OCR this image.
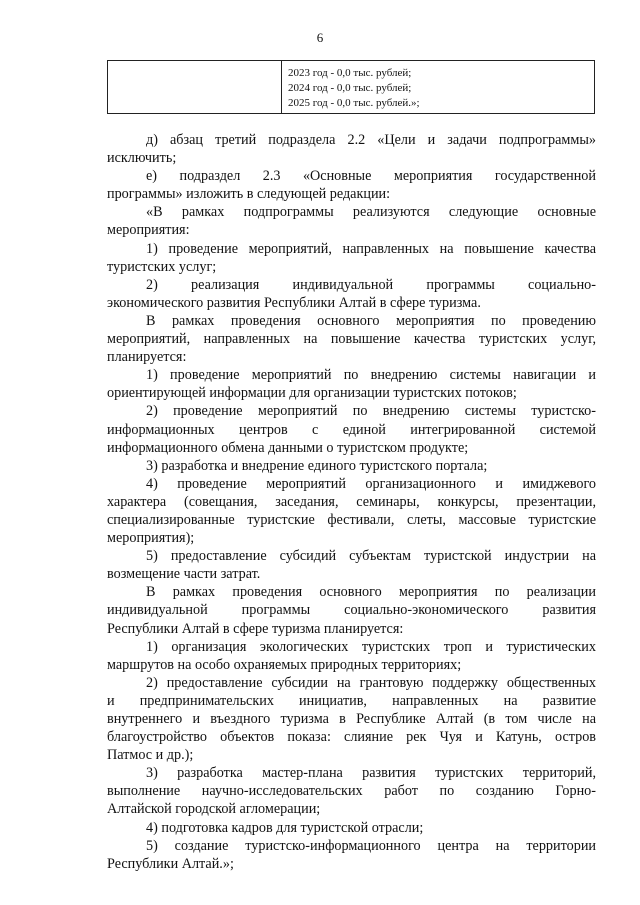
6
2023 год - 0,0 тыс. рублей;
2024 год - 0,0 тыс. рублей;
2025 год - 0,0 тыс. рублей.»;

д) абзац третий подраздела 2.2 «Цели и задачи подпрограммы»

исключить;

е) подраздел 2.3 «Основные мероприятия государственной

программы» изложить в следующей редакции:

«В рамках подпрограммы реализуются следующие основные

мероприятия:

1) проведение мероприятий, направленных на повышение качества

туристских услуг;

2) реализация индивидуальной программы социально-

экономического развития Республики Алтай в сфере туризма.

В рамках проведения основного мероприятия по проведению

мероприятий, направленных на повышение качества туристских услуг,

планируется:

1) проведение мероприятий по внедрению системы навигации и

ориентирующей информации для организации туристских потоков;

2) проведение мероприятий по внедрению системы туристско-

информационных центров с единой интегрированной системой

информационного обмена данными о туристском продукте;

3) разработка и внедрение единого туристского портала;

4) проведение мероприятий организационного и имиджевого

характера (совещания, заседания, семинары, конкурсы, презентации,

специализированные туристские фестивали, слеты, массовые туристские

мероприятия);

5) предоставление субсидий субъектам туристской индустрии на

возмещение части затрат.

В рамках проведения основного мероприятия по реализации

индивидуальной программы социально-экономического развития

Республики Алтай в сфере туризма планируется:

1) организация экологических туристских троп и туристических

маршрутов на особо охраняемых природных территориях;

2) предоставление субсидии на грантовую поддержку общественных

и предпринимательских инициатив, направленных на развитие

внутреннего и въездного туризма в Республике Алтай (в том числе на

благоустройство объектов показа: слияние рек Чуя и Катунь, остров

Патмос и др.);

3) разработка мастер-плана развития туристских территорий,

выполнение научно-исследовательских работ по созданию Горно-

Алтайской городской агломерации;

4) подготовка кадров для туристской отрасли;

5) создание туристско-информационного центра на территории

Республики Алтай.»;
